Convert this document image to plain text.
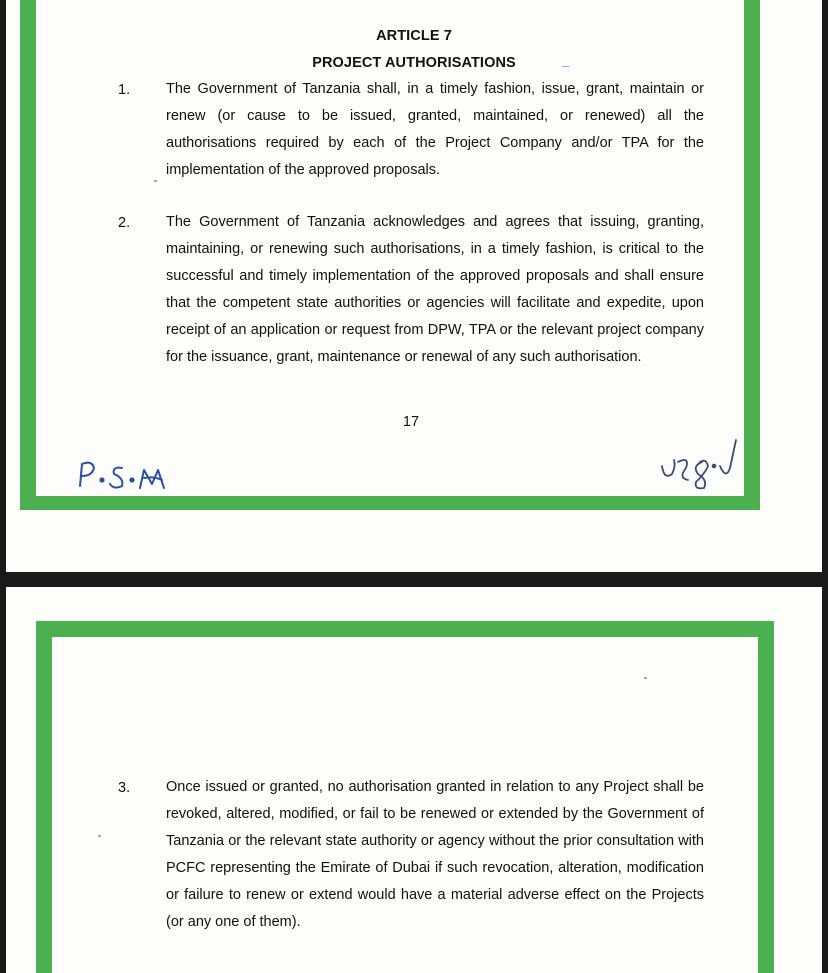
ARTICLE 7
PROJECT AUTHORISATIONS	–
1. The Government of Tanzania shall, in a timely fashion, issue, grant, maintain or renew (or cause to be issued, granted, maintained, or renewed) all the authorisations required by each of the Project Company and/or TPA for the implementation of the approved proposals.
2. The Government of Tanzania acknowledges and agrees that issuing, granting, maintaining, or renewing such authorisations, in a timely fashion, is critical to the successful and timely implementation of the approved proposals and shall ensure that the competent state authorities or agencies will facilitate and expedite, upon receipt of an application or request from DPW, TPA or the relevant project company for the issuance, grant, maintenance or renewal of any such authorisation.
17
3. Once issued or granted, no authorisation granted in relation to any Project shall be revoked, altered, modified, or fail to be renewed or extended by the Government of Tanzania or the relevant state authority or agency without the prior consultation with PCFC representing the Emirate of Dubai if such revocation, alteration, modification or failure to renew or extend would have a material adverse effect on the Projects (or any one of them).
